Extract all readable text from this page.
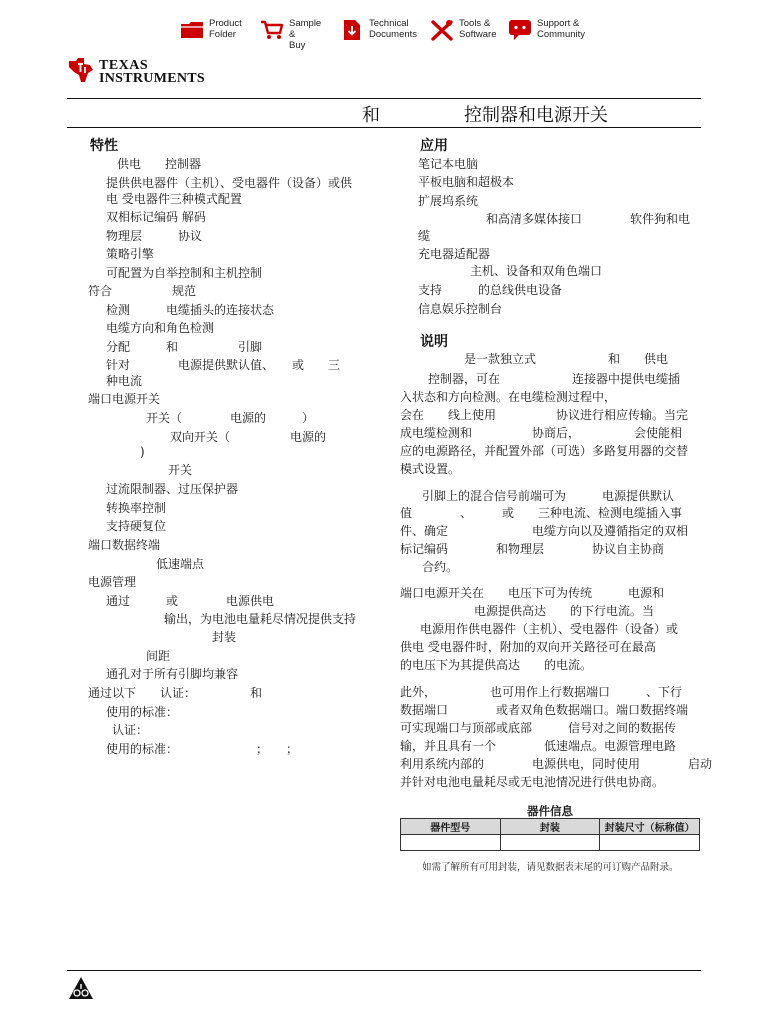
Product
Folder
Sample &
Buy
Technical
Documents
Tools &
Software
Support &
Community
TEXAS
INSTRUMENTS
和	控制器和电源开关
特性
供电　　控制器
提供供电器件（主机）、受电器件（设备）或供
电 受电器件三种模式配置
双相标记编码 解码
物理层　　　协议
策略引擎
可配置为自举控制和主机控制
符合　　　　　规范
检测　　　电缆插头的连接状态
电缆方向和角色检测
分配　　　和　　　　　引脚
针对　　　　电源提供默认值、　　或　　三
种电流
端口电源开关
开关（　　　　电源的　　　）
双向开关（　　　　　电源的
)
开关
过流限制器、过压保护器
转换率控制
支持硬复位
端口数据终端
低速端点
电源管理
通过　　　或　　　　电源供电
输出，为电池电量耗尽情况提供支持
封装
间距
通孔对于所有引脚均兼容
通过以下　　认证：　　　　　和
使用的标准：
认证：
使用的标准：　　　　　　　；　　；
应用
笔记本电脑
平板电脑和超极本
扩展坞系统
和高清多媒体接口　　　　软件狗和电
缆
充电器适配器
主机、设备和双角色端口
支持　　　的总线供电设备
信息娱乐控制台
说明
是一款独立式　　　　　　和　　供电
控制器，可在　　　　　　连接器中提供电缆插
入状态和方向检测。在电缆检测过程中，
会在　　线上使用　　　　　协议进行相应传输。当完
成电缆检测和　　　　　协商后，　　　　　会使能相
应的电源路径，并配置外部（可选）多路复用器的交替
模式设置。
引脚上的混合信号前端可为　　　电源提供默认
值　　　　、　　　或　　三种电流、检测电缆插入事
件、确定　　　　　　　电缆方向以及遵循指定的双相
标记编码　　　　和物理层　　　　协议自主协商
合约。
端口电源开关在　　电压下可为传统　　　电源和
电源提供高达　　的下行电流。当
电源用作供电器件（主机）、受电器件（设备）或
供电 受电器件时，附加的双向开关路径可在最高
的电压下为其提供高达　　的电流。
此外，　　　　　也可用作上行数据端口　　　、下行
数据端口　　　　或者双角色数据端口。端口数据终端
可实现端口与顶部或底部　　　信号对之间的数据传
输，并且具有一个　　　　低速端点。电源管理电路
利用系统内部的　　　　电源供电，同时使用　　　　启动
并针对电池电量耗尽或无电池情况进行供电协商。
器件信息
器件型号	封装	封装尺寸（标称值）

如需了解所有可用封装，请见数据表末尾的可订购产品附录。
